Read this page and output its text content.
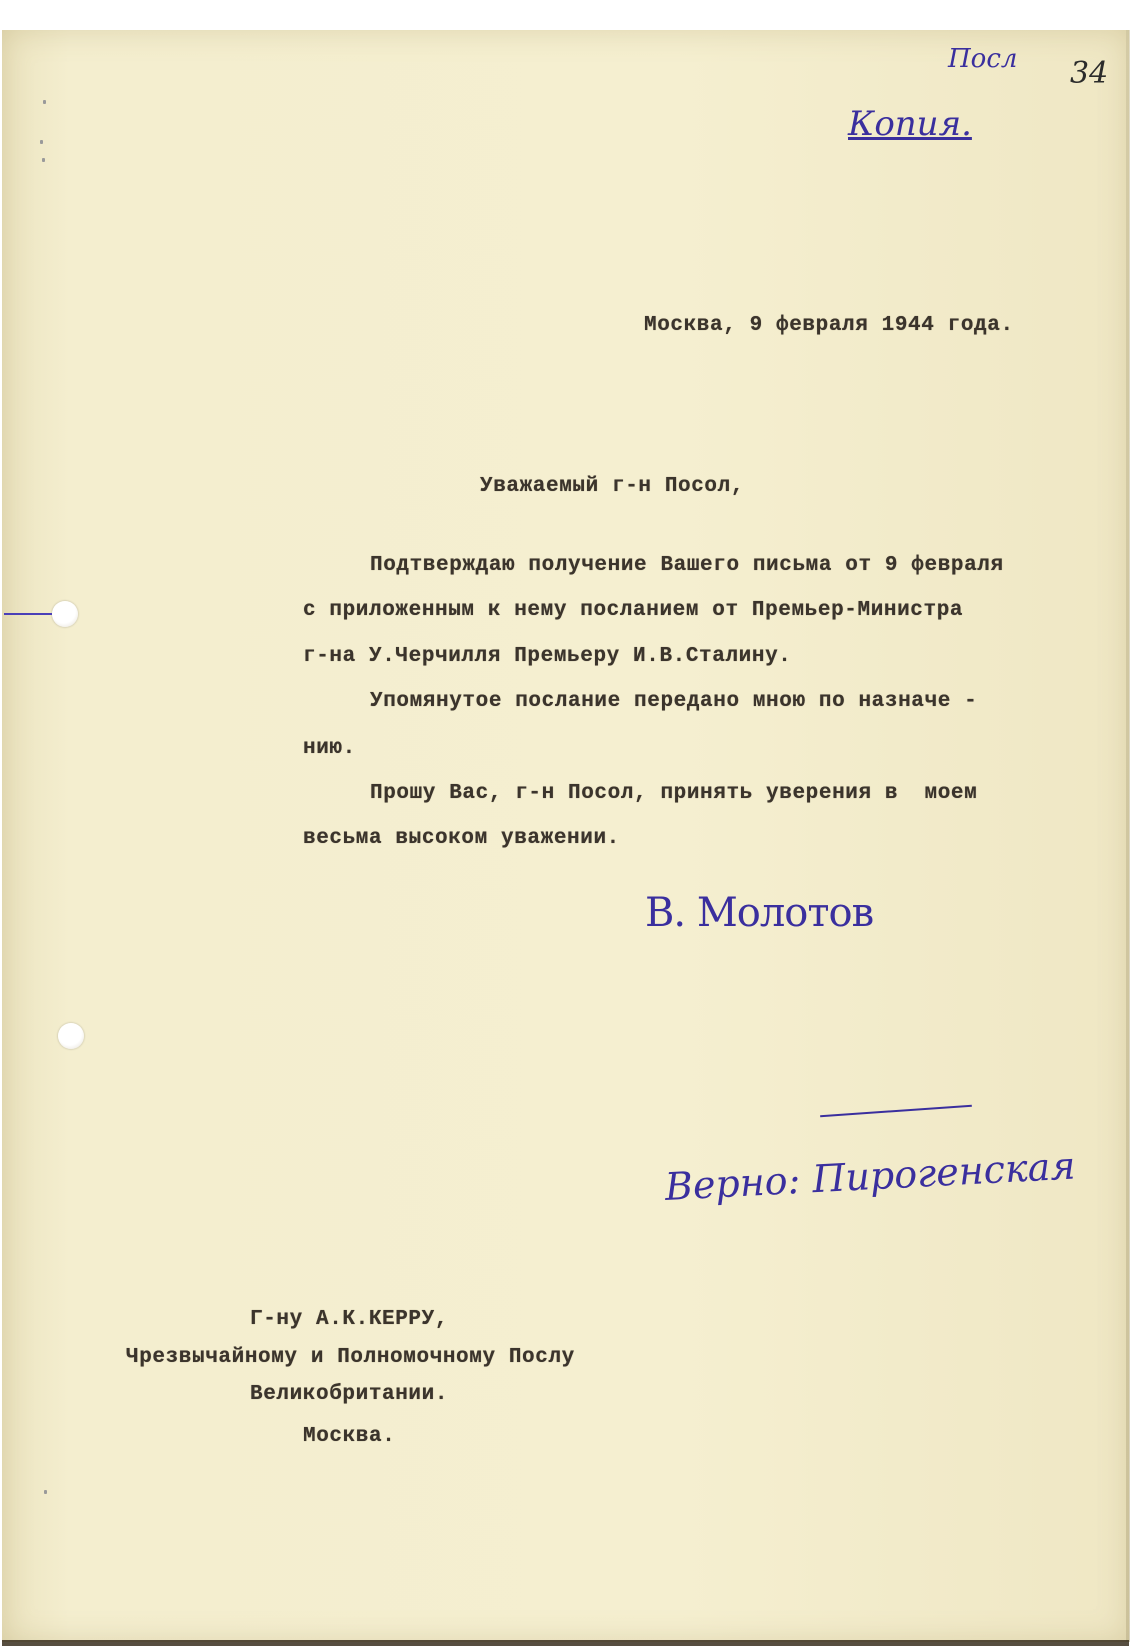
Посл
Копия.
34

Москва, 9 февраля 1944 года.

Уважаемый г-н Посол,

Подтверждаю получение Вашего письма от 9 февраля

с приложенным к нему посланием от Премьер-Министра

г-на У.Черчилля Премьеру И.В.Сталину.

Упомянутое послание передано мною по назначе -

нию.

Прошу Вас, г-н Посол, принять уверения в  моем

весьма высоком уважении.

В. Молотов
Верно: Пирогенская

Г-ну А.К.КЕРРУ,

Чрезвычайному и Полномочному Послу

Великобритании.

Москва.
